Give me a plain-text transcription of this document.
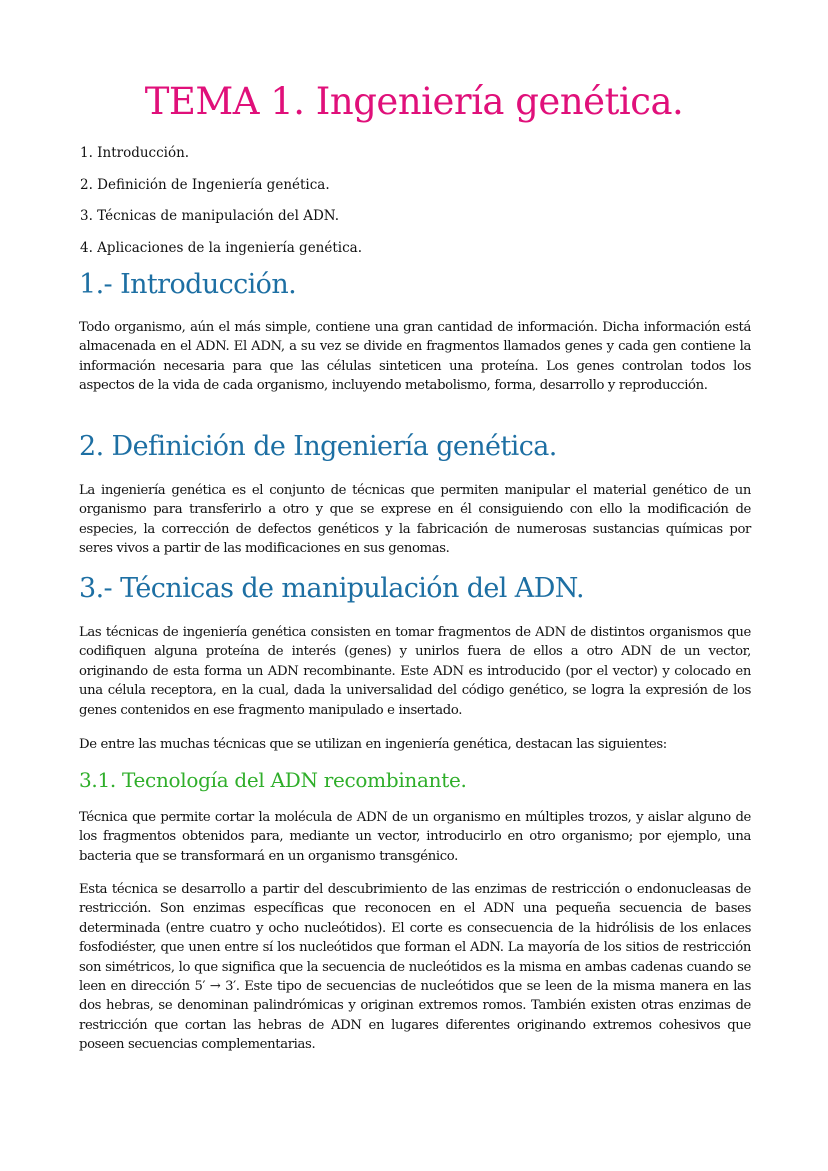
TEMA 1. Ingeniería genética.
1. Introducción.
2. Definición de Ingeniería genética.
3. Técnicas de manipulación del ADN.
4. Aplicaciones de la ingeniería genética.
1.- Introducción.
Todo organismo, aún el más simple, contiene una gran cantidad de información. Dicha información está almacenada en el ADN. El ADN, a su vez se divide en fragmentos llamados genes y cada gen contiene la información necesaria para que las células sinteticen una proteína. Los genes controlan todos los aspectos de la vida de cada organismo, incluyendo metabolismo, forma, desarrollo y reproducción.
2. Definición de Ingeniería genética.
La ingeniería genética es el conjunto de técnicas que permiten manipular el material genético de un organismo para transferirlo a otro y que se exprese en él consiguiendo con ello la modificación de especies, la corrección de defectos genéticos y la fabricación de numerosas sustancias químicas por seres vivos a partir de las modificaciones en sus genomas.
3.- Técnicas de manipulación del ADN.
Las técnicas de ingeniería genética consisten en tomar fragmentos de ADN de distintos organismos que codifiquen alguna proteína de interés (genes) y unirlos fuera de ellos a otro ADN de un vector, originando de esta forma un ADN recombinante. Este ADN es introducido (por el vector) y colocado en una célula receptora, en la cual, dada la universalidad del código genético, se logra la expresión de los genes contenidos en ese fragmento manipulado e insertado.
De entre las muchas técnicas que se utilizan en ingeniería genética, destacan las siguientes:
3.1. Tecnología del ADN recombinante.
Técnica que permite cortar la molécula de ADN de un organismo en múltiples trozos, y aislar alguno de los fragmentos obtenidos para, mediante un vector, introducirlo en otro organismo; por ejemplo, una bacteria que se transformará en un organismo transgénico.
Esta técnica se desarrollo a partir del descubrimiento de las enzimas de restricción o endonucleasas de restricción. Son enzimas específicas que reconocen en el ADN una pequeña secuencia de bases determinada (entre cuatro y ocho nucleótidos). El corte es consecuencia de la hidrólisis de los enlaces fosfodiéster, que unen entre sí los nucleótidos que forman el ADN. La mayoría de los sitios de restricción son simétricos, lo que significa que la secuencia de nucleótidos es la misma en ambas cadenas cuando se leen en dirección 5′ → 3′. Este tipo de secuencias de nucleótidos que se leen de la misma manera en las dos hebras, se denominan palindrómicas y originan extremos romos. También existen otras enzimas de restricción que cortan las hebras de ADN en lugares diferentes originando extremos cohesivos que poseen secuencias complementarias.
